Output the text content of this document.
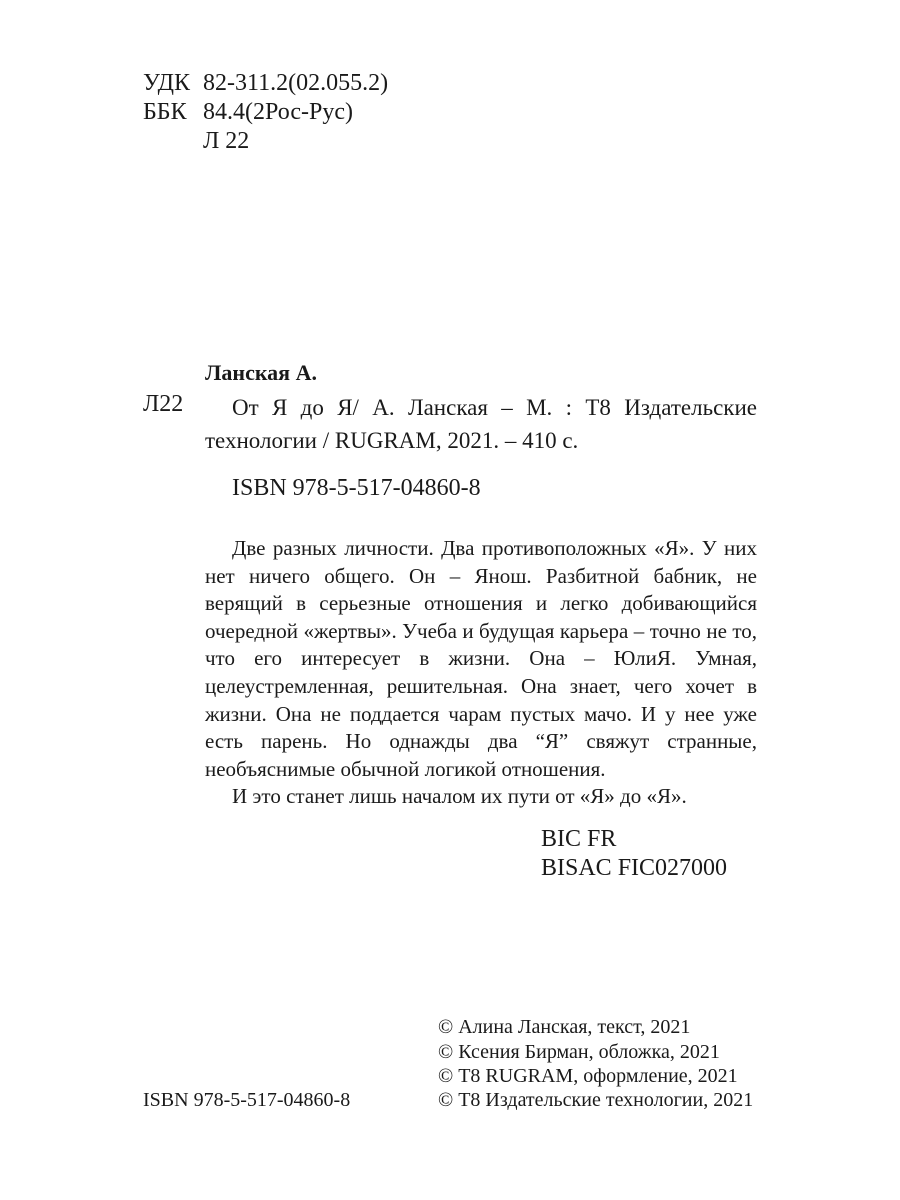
УДК 82-311.2(02.055.2)
ББК 84.4(2Рос-Рус)
Л 22
Ланская А.
Л22	От Я до Я/ А. Ланская – М. : Т8 Издательские технологии / RUGRAM, 2021. – 410 с.
ISBN 978-5-517-04860-8

Две разных личности. Два противоположных «Я». У них нет ничего общего. Он – Янош. Разбитной бабник, не верящий в серьезные отношения и легко добивающийся очередной «жертвы». Учеба и будущая карьера – точно не то, что его интересует в жизни. Она – ЮлиЯ. Умная, целеустремленная, решительная. Она знает, чего хочет в жизни. Она не поддается чарам пустых мачо. И у нее уже есть парень. Но однажды два “Я” свяжут странные, необъяснимые обычной логикой отношения.

И это станет лишь началом их пути от «Я» до «Я».

BIC FR
BISAC FIC027000
© Алина Ланская, текст, 2021
© Ксения Бирман, обложка, 2021
© Т8 RUGRAM, оформление, 2021
© Т8 Издательские технологии, 2021
ISBN 978-5-517-04860-8
